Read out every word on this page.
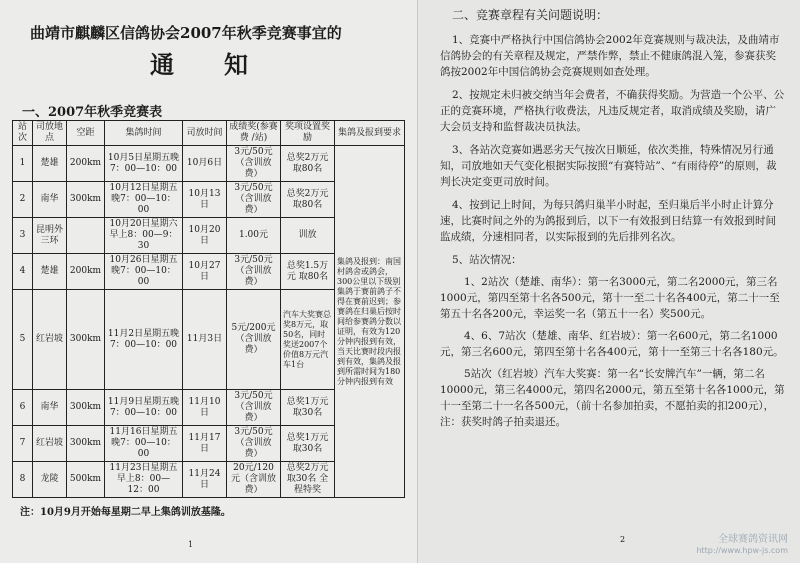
曲靖市麒麟区信鸽协会2007年秋季竞赛事宜的
通知
一、2007年秋季竞赛表
站次	司放地点	空距	集鸽时间	司放时间	成绩奖(参赛费 /站)	奖项设置奖励	集鸽及报到要求
1	楚雄	200km	10月5日星期五晚7：00—10：00	10月6日	3元/50元（含训放费）	总奖2万元 取80名	集鸽及报到：南国村鸽舍或鸽会，300公里以下级别集鸽于赛前鸽子不得在赛前迟到；参赛鸽在归巢后按时间给参赛鸽分数以证明，有效为120分钟内报到有效，当天比赛时段内报到有效，集鸽及报到所需时间为180分钟内报到有效
2	南华	300km	10月12日星期五晚7：00—10：00	10月13日	3元/50元（含训放费）	总奖2万元 取80名	
3	昆明外三环		10月20日星期六早上8：00—9：30	10月20日	1.00元	训放	
4	楚雄	200km	10月26日星期五晚7：00—10：00	10月27日	3元/50元（含训放费）	总奖1.5万元 取80名	
5	红岩坡	300km	11月2日星期五晚7：00—10：00	11月3日	5元/200元（含训放费）	汽车大奖赛总奖8万元，取50名，同时奖送2007个价值8万元汽车1台	
6	南华	300km	11月9日星期五晚7：00—10：00	11月10日	3元/50元（含训放费）	总奖1万元 取30名	
7	红岩坡	300km	11月16日星期五晚7：00—10：00	11月17日	3元/50元（含训放费）	总奖1万元 取30名	
8	龙陵	500km	11月23日星期五早上8：00—12：00	11月24日	20元/120元（含训放费）	总奖2万元 取30名 全程特奖	
注：10月9月开始每星期二早上集鸽训放基隆。
1
二、竞赛章程有关问题说明：

1、竞赛中严格执行中国信鸽协会2002年竞赛规则与裁决法，及曲靖市信鸽协会的有关章程及规定，严禁作弊，禁止不健康鸽混入笼，参赛获奖鸽按2002年中国信鸽协会竞赛规则如查处理。

2、按规定未归被交纳当年会费者，不确获得奖励。为营造一个公平、公正的竞赛环境，严格执行收费法，凡违反规定者，取消成绩及奖励，请广大会员支持和监督裁决员执法。

3、各站次竞赛如遇恶劣天气按次日顺延，依次类推，特殊情况另行通知，司放地如天气变化根据实际按照“有赛特站”、“有雨待停”的原则，裁判长决定变更司放时间。

4、按到记上时间，为每只鸽归巢半小时起，至归巢后半小时止计算分速，比赛时间之外的为鸽报到后，以下一有效报到日结算一有效报到时间监成绩，分速相同者，以实际报到的先后排列名次。

5、站次情况：

1、2站次（楚雄、南华）：第一名3000元，第二名2000元，第三名1000元，第四至第十名各500元，第十一至二十名各400元，第二十一至第五十名各200元，幸运奖一名（第五十一名）奖500元。

4、6、7站次（楚雄、南华、红岩坡）：第一名600元，第二名1000元，第三名600元，第四至第十名各400元，第十一至第三十名各180元。

5站次（红岩坡）汽车大奖赛：第一名“长安牌汽车”一辆，第二名10000元，第三名4000元，第四名2000元，第五至第十名各1000元，第十一至第二十一名各500元，（前十名参加拍卖，不愿拍卖的扣200元），注：获奖时鸽子拍卖退还。

2	全球赛鸽资讯网
http://www.hpw-js.com
